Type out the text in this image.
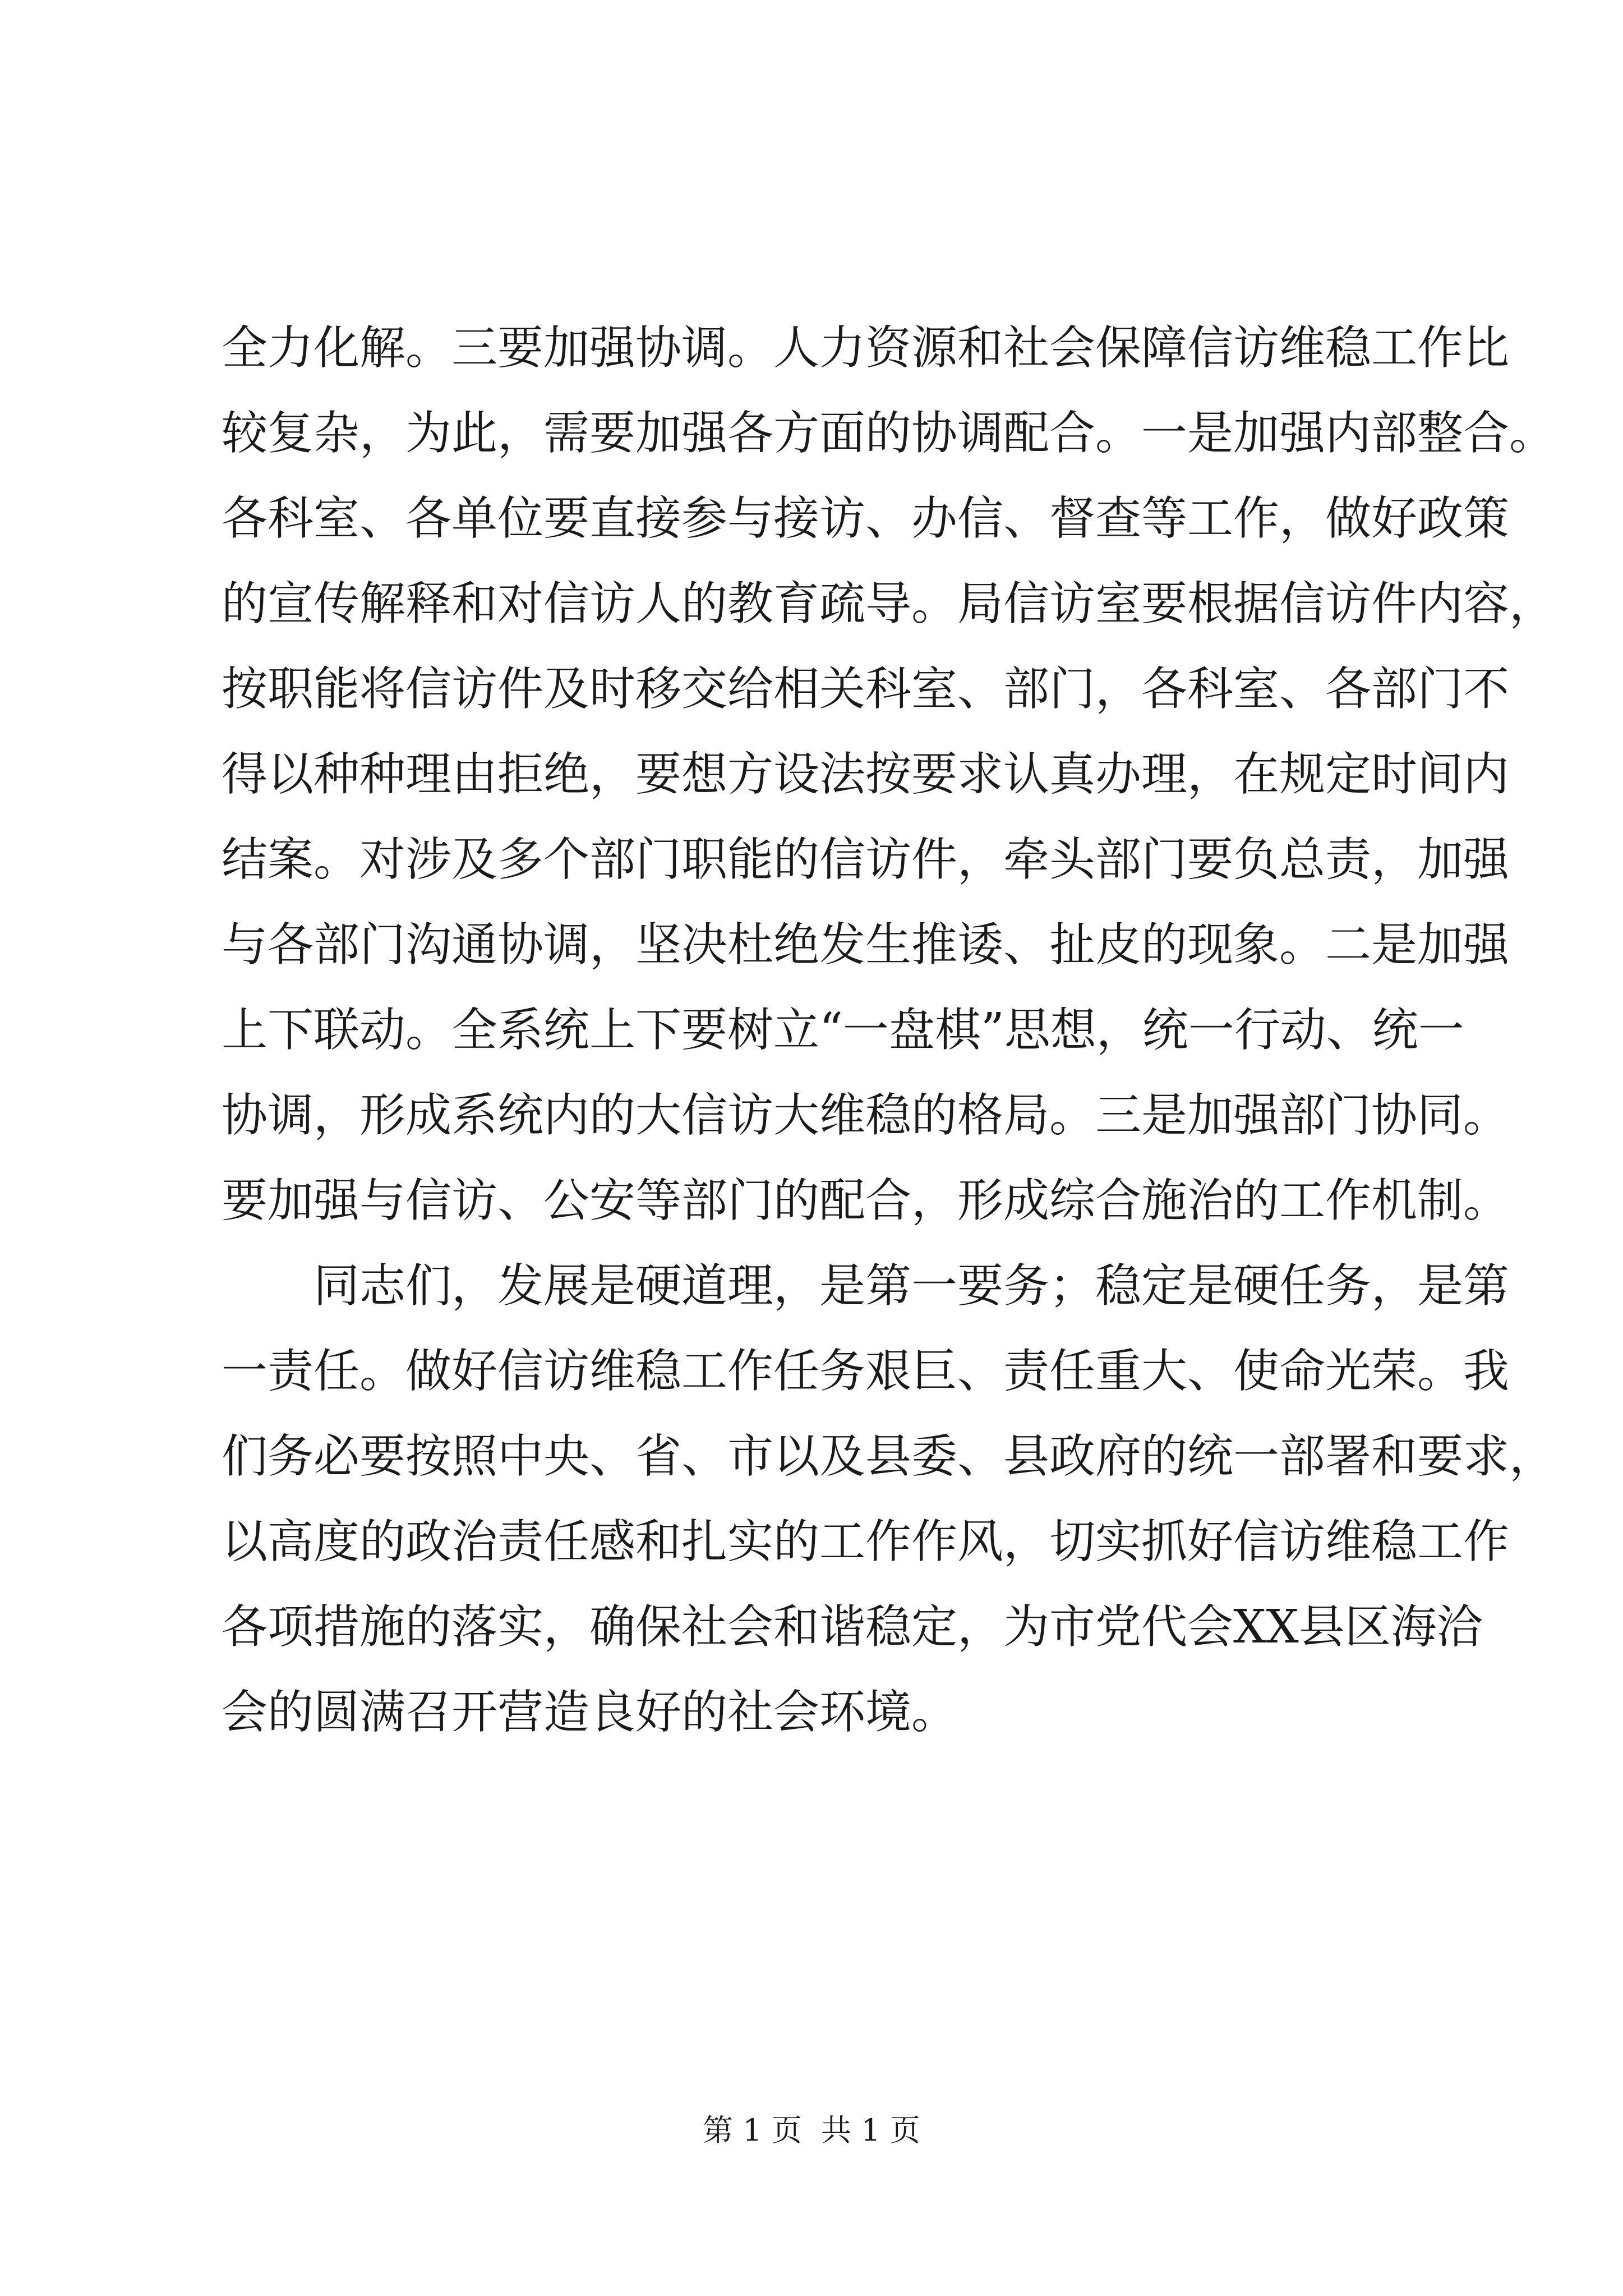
全力化解。三要加强协调。人力资源和社会保障信访维稳工作比
较复杂，为此，需要加强各方面的协调配合。一是加强内部整合。
各科室、各单位要直接参与接访、办信、督查等工作，做好政策
的宣传解释和对信访人的教育疏导。局信访室要根据信访件内容，
按职能将信访件及时移交给相关科室、部门，各科室、各部门不
得以种种理由拒绝，要想方设法按要求认真办理，在规定时间内
结案。对涉及多个部门职能的信访件，牵头部门要负总责，加强
与各部门沟通协调，坚决杜绝发生推诿、扯皮的现象。二是加强
上下联动。全系统上下要树立“一盘棋”思想，统一行动、统一
协调，形成系统内的大信访大维稳的格局。三是加强部门协同。
要加强与信访、公安等部门的配合，形成综合施治的工作机制。
同志们，发展是硬道理，是第一要务；稳定是硬任务，是第
一责任。做好信访维稳工作任务艰巨、责任重大、使命光荣。我
们务必要按照中央、省、市以及县委、县政府的统一部署和要求，
以高度的政治责任感和扎实的工作作风，切实抓好信访维稳工作
各项措施的落实，确保社会和谐稳定，为市党代会XX县区海洽
会的圆满召开营造良好的社会环境。
第 1 页  共 1 页
